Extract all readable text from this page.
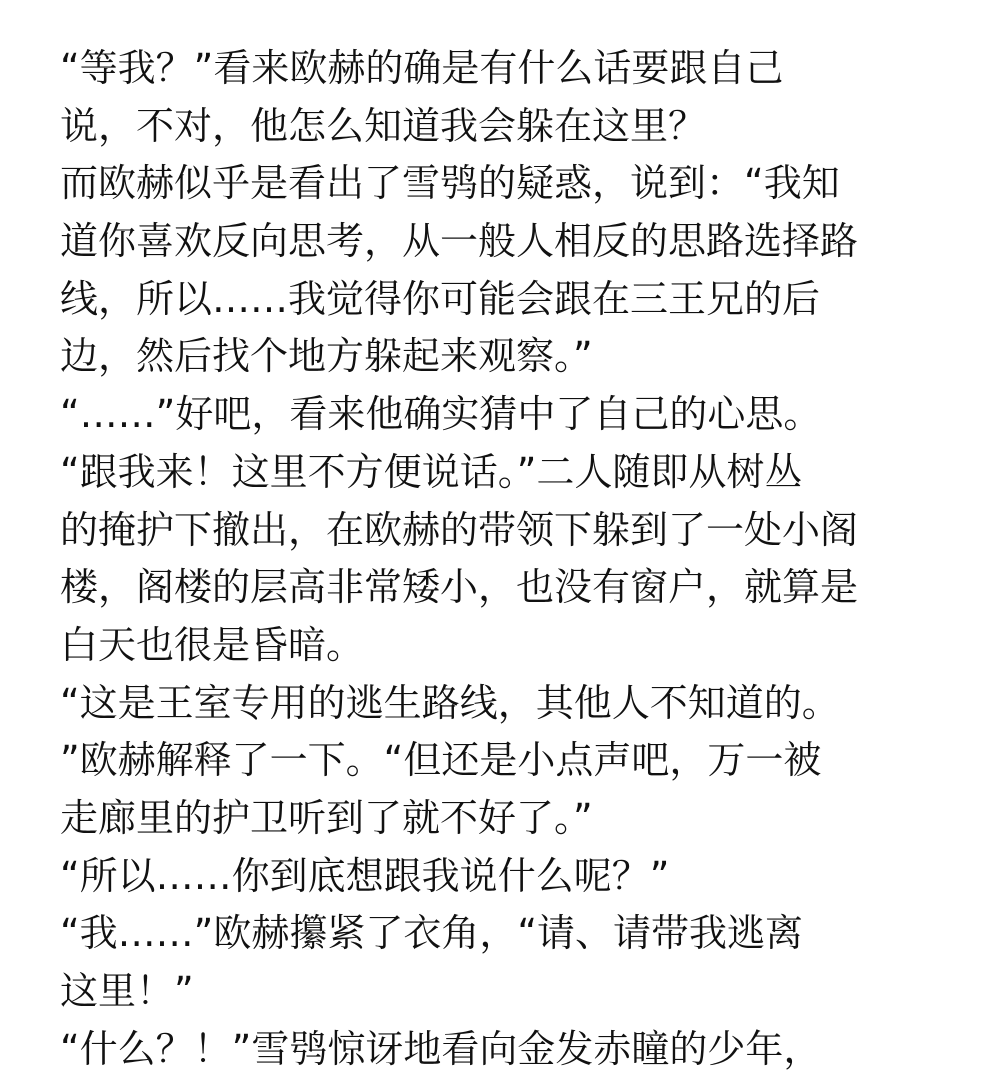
“等我？”看来欧赫的确是有什么话要跟自己
说，不对，他怎么知道我会躲在这里？
而欧赫似乎是看出了雪鸮的疑惑，说到：“我知
道你喜欢反向思考，从一般人相反的思路选择路
线，所以……我觉得你可能会跟在三王兄的后
边，然后找个地方躲起来观察。”
“……”好吧，看来他确实猜中了自己的心思。
“跟我来！这里不方便说话。”二人随即从树丛
的掩护下撤出，在欧赫的带领下躲到了一处小阁
楼，阁楼的层高非常矮小，也没有窗户，就算是
白天也很是昏暗。
“这是王室专用的逃生路线，其他人不知道的。
”欧赫解释了一下。“但还是小点声吧，万一被
走廊里的护卫听到了就不好了。”
“所以……你到底想跟我说什么呢？”
“我……”欧赫攥紧了衣角，“请、请带我逃离
这里！”
“什么？！”雪鸮惊讶地看向金发赤瞳的少年，
